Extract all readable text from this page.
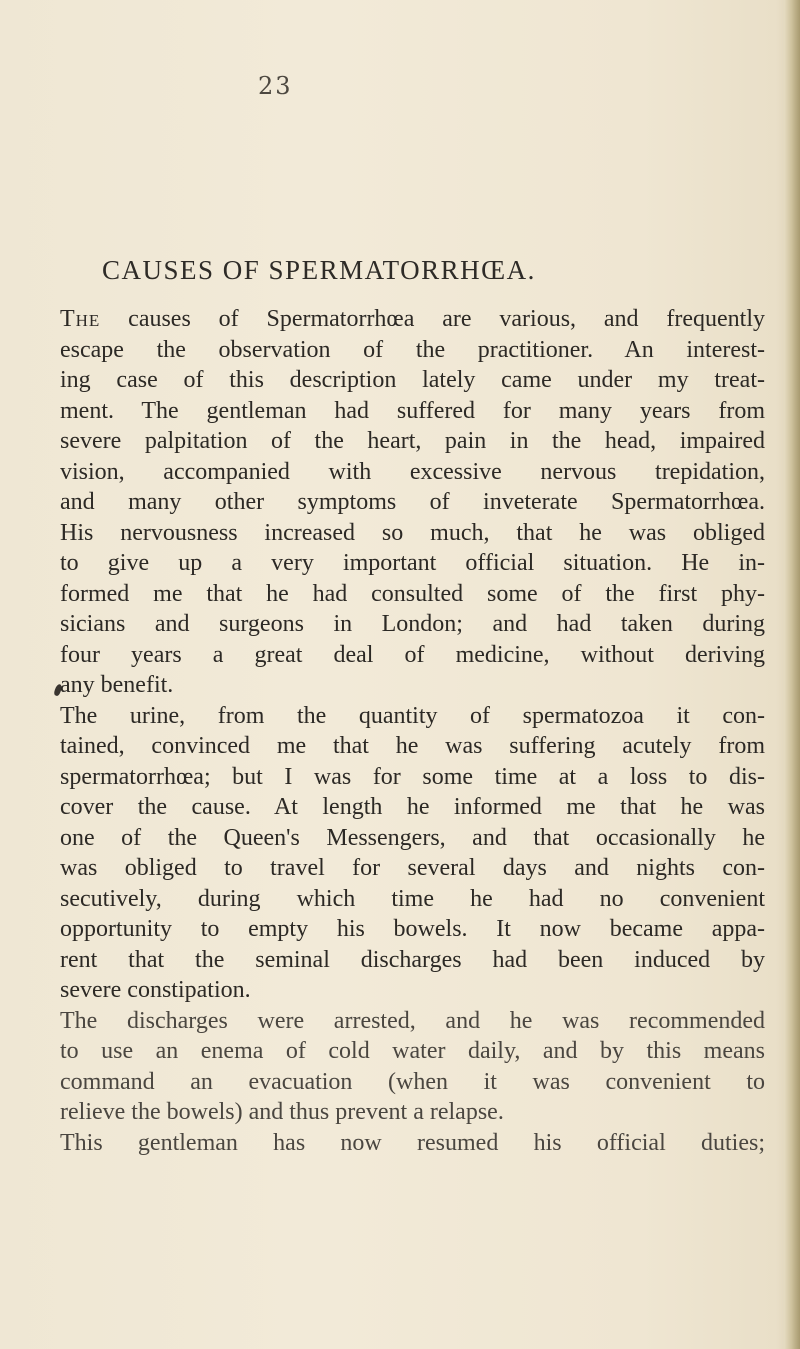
23
CAUSES OF SPERMATORRHŒA.
The causes of Spermatorrhœa are various, and frequently
escape the observation of the practitioner. An interest-
ing case of this description lately came under my treat-
ment. The gentleman had suffered for many years from
severe palpitation of the heart, pain in the head, impaired
vision, accompanied with excessive nervous trepidation,
and many other symptoms of inveterate Spermatorrhœa.
His nervousness increased so much, that he was obliged
to give up a very important official situation. He in-
formed me that he had consulted some of the first phy-
sicians and surgeons in London; and had taken during
four years a great deal of medicine, without deriving
any benefit.
The urine, from the quantity of spermatozoa it con-
tained, convinced me that he was suffering acutely from
spermatorrhœa; but I was for some time at a loss to dis-
cover the cause. At length he informed me that he was
one of the Queen's Messengers, and that occasionally he
was obliged to travel for several days and nights con-
secutively, during which time he had no convenient
opportunity to empty his bowels. It now became appa-
rent that the seminal discharges had been induced by
severe constipation.
The discharges were arrested, and he was recommended
to use an enema of cold water daily, and by this means
command an evacuation (when it was convenient to
relieve the bowels) and thus prevent a relapse.
This gentleman has now resumed his official duties;
